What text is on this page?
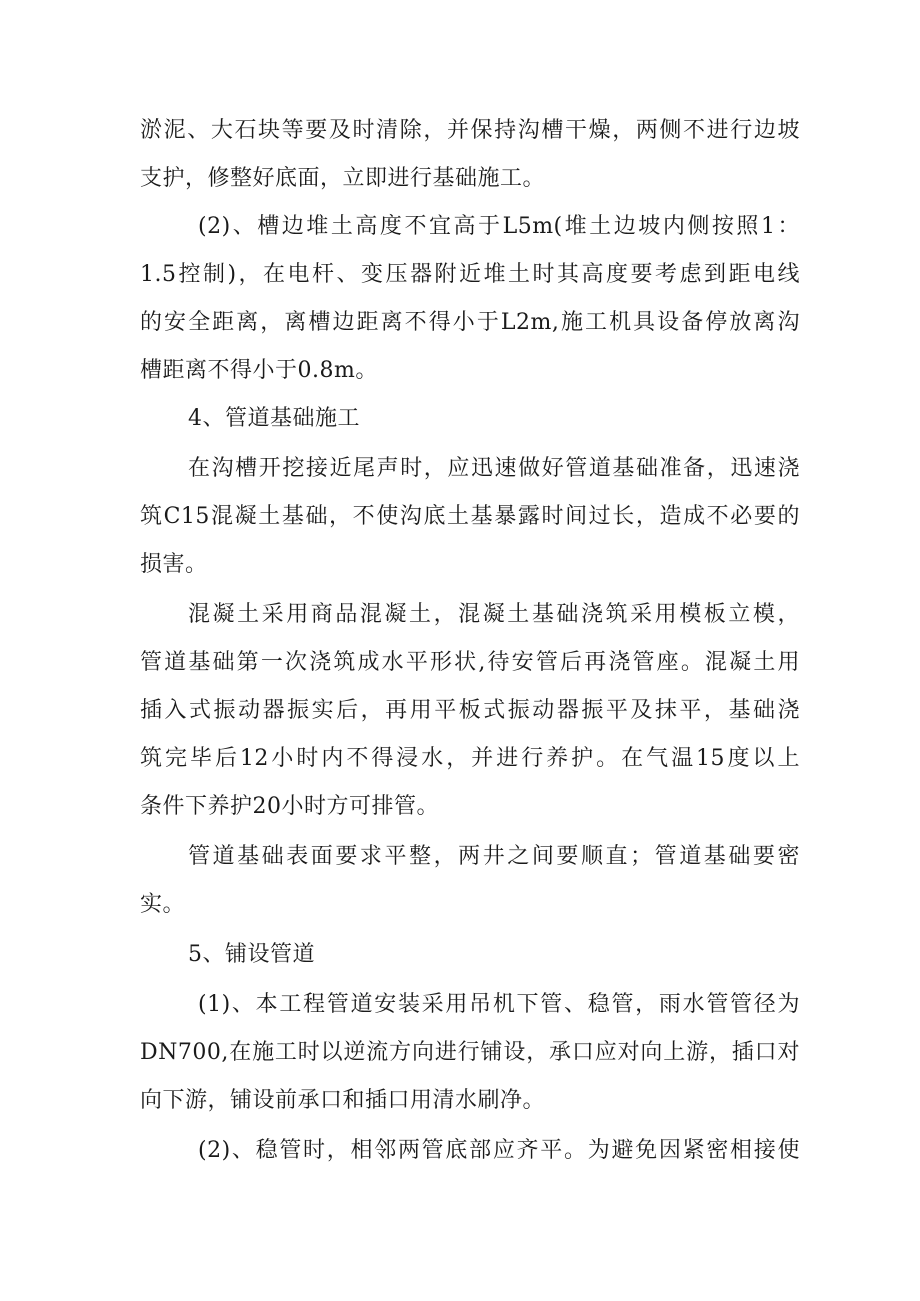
淤泥、大石块等要及时清除，并保持沟槽干燥，两侧不进行边坡
支护，修整好底面，立即进行基础施工。
(2)、槽边堆土高度不宜高于L5m(堆土边坡内侧按照1：
1.5控制)，在电杆、变压器附近堆土时其高度要考虑到距电线
的安全距离，离槽边距离不得小于L2m,施工机具设备停放离沟
槽距离不得小于0.8m。
4、管道基础施工
在沟槽开挖接近尾声时，应迅速做好管道基础准备，迅速浇
筑C15混凝土基础，不使沟底土基暴露时间过长，造成不必要的
损害。
混凝土采用商品混凝土，混凝土基础浇筑采用模板立模，
管道基础第一次浇筑成水平形状,待安管后再浇管座。混凝土用
插入式振动器振实后，再用平板式振动器振平及抹平，基础浇
筑完毕后12小时内不得浸水，并进行养护。在气温15度以上
条件下养护20小时方可排管。
管道基础表面要求平整，两井之间要顺直；管道基础要密
实。
5、铺设管道
(1)、本工程管道安装采用吊机下管、稳管，雨水管管径为
DN700,在施工时以逆流方向进行铺设，承口应对向上游，插口对
向下游，铺设前承口和插口用清水刷净。
(2)、稳管时，相邻两管底部应齐平。为避免因紧密相接使
